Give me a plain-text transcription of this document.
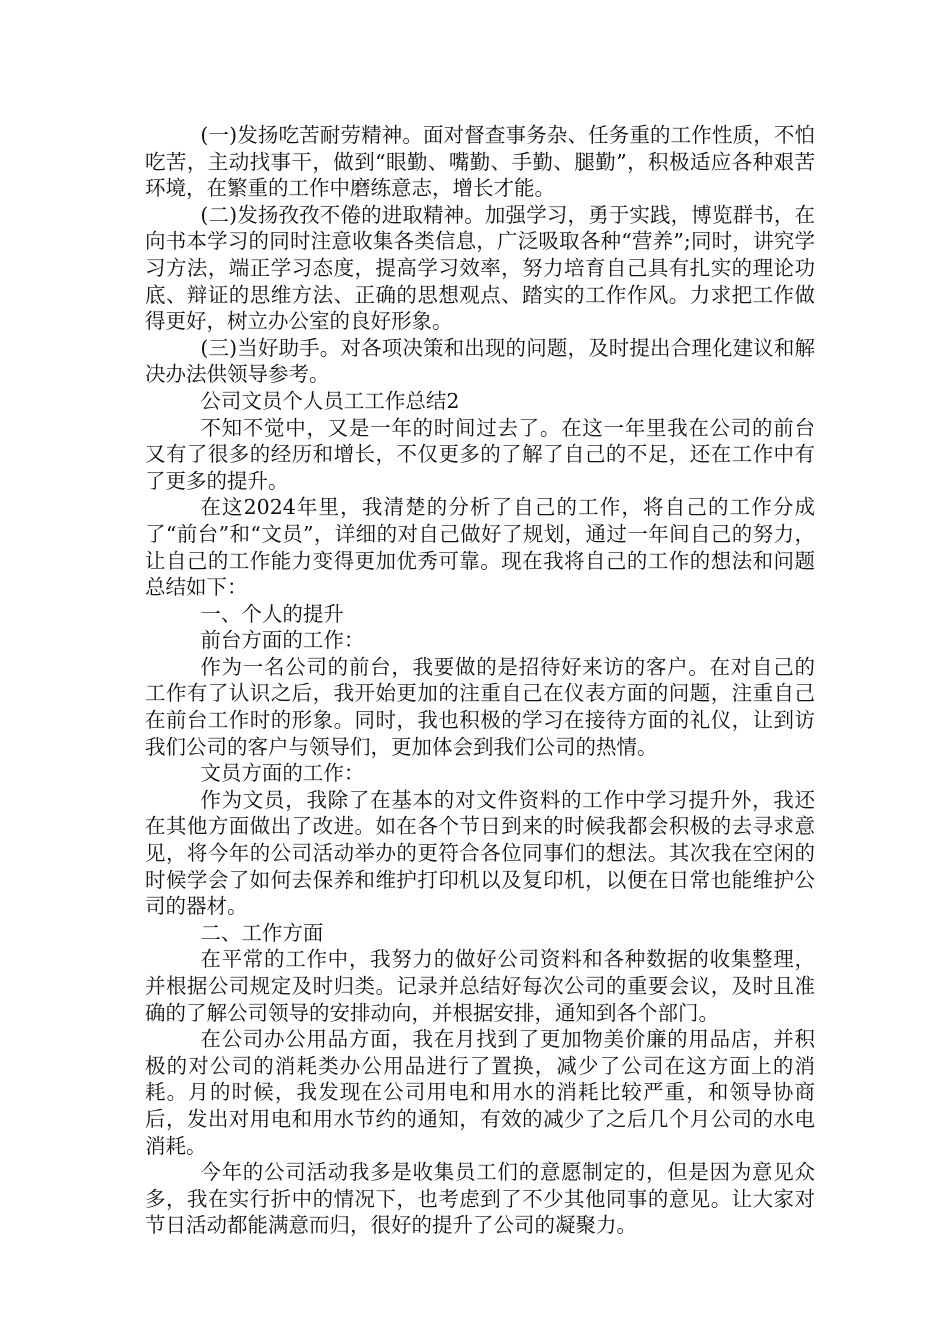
(一)发扬吃苦耐劳精神。面对督查事务杂、任务重的工作性质，不怕吃苦，主动找事干，做到“眼勤、嘴勤、手勤、腿勤”，积极适应各种艰苦环境，在繁重的工作中磨练意志，增长才能。

(二)发扬孜孜不倦的进取精神。加强学习，勇于实践，博览群书，在向书本学习的同时注意收集各类信息，广泛吸取各种“营养”;同时，讲究学习方法，端正学习态度，提高学习效率，努力培育自己具有扎实的理论功底、辩证的思维方法、正确的思想观点、踏实的工作作风。力求把工作做得更好，树立办公室的良好形象。

(三)当好助手。对各项决策和出现的问题，及时提出合理化建议和解决办法供领导参考。

公司文员个人员工工作总结2

不知不觉中，又是一年的时间过去了。在这一年里我在公司的前台又有了很多的经历和增长，不仅更多的了解了自己的不足，还在工作中有了更多的提升。

在这2024年里，我清楚的分析了自己的工作，将自己的工作分成了“前台”和“文员”，详细的对自己做好了规划，通过一年间自己的努力，让自己的工作能力变得更加优秀可靠。现在我将自己的工作的想法和问题总结如下：

一、个人的提升

前台方面的工作：

作为一名公司的前台，我要做的是招待好来访的客户。在对自己的工作有了认识之后，我开始更加的注重自己在仪表方面的问题，注重自己在前台工作时的形象。同时，我也积极的学习在接待方面的礼仪，让到访我们公司的客户与领导们，更加体会到我们公司的热情。

文员方面的工作：

作为文员，我除了在基本的对文件资料的工作中学习提升外，我还在其他方面做出了改进。如在各个节日到来的时候我都会积极的去寻求意见，将今年的公司活动举办的更符合各位同事们的想法。其次我在空闲的时候学会了如何去保养和维护打印机以及复印机，以便在日常也能维护公司的器材。

二、工作方面

在平常的工作中，我努力的做好公司资料和各种数据的收集整理，并根据公司规定及时归类。记录并总结好每次公司的重要会议，及时且准确的了解公司领导的安排动向，并根据安排，通知到各个部门。

在公司办公用品方面，我在月找到了更加物美价廉的用品店，并积极的对公司的消耗类办公用品进行了置换，减少了公司在这方面上的消耗。月的时候，我发现在公司用电和用水的消耗比较严重，和领导协商后，发出对用电和用水节约的通知，有效的减少了之后几个月公司的水电消耗。

今年的公司活动我多是收集员工们的意愿制定的，但是因为意见众多，我在实行折中的情况下，也考虑到了不少其他同事的意见。让大家对节日活动都能满意而归，很好的提升了公司的凝聚力。
